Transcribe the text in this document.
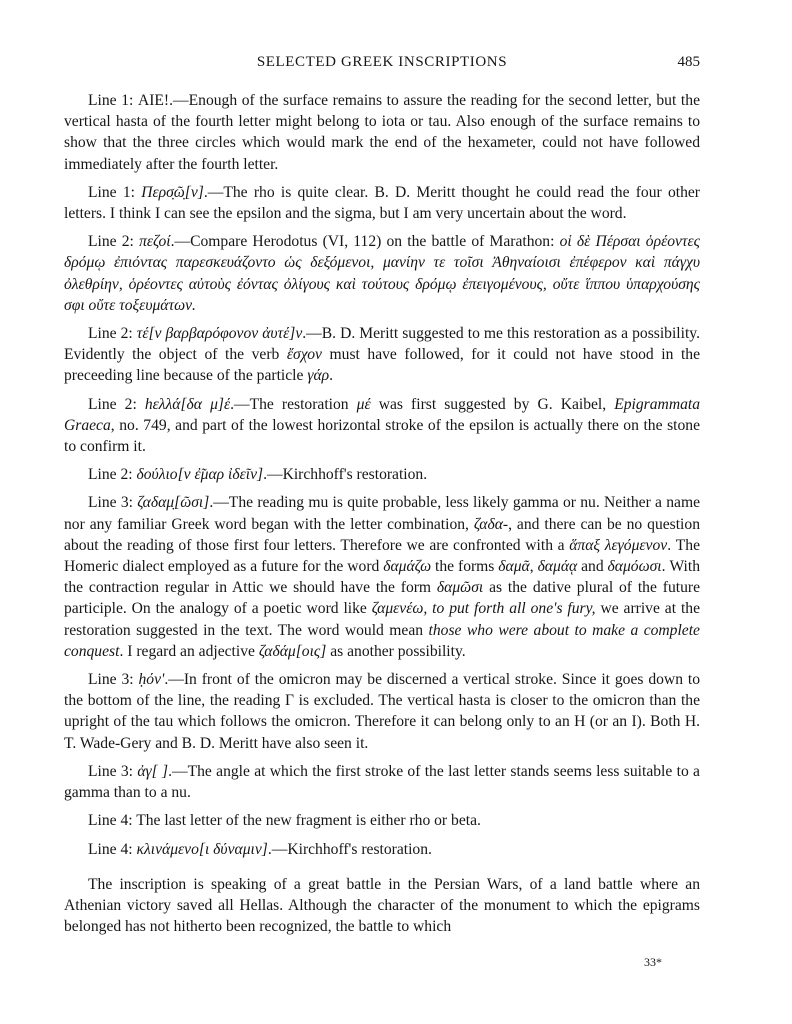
SELECTED GREEK INSCRIPTIONS	485

Line 1: ΑΙΕ!.—Enough of the surface remains to assure the reading for the second letter, but the vertical hasta of the fourth letter might belong to iota or tau. Also enough of the surface remains to show that the three circles which would mark the end of the hexameter, could not have followed immediately after the fourth letter.

Line 1: Περσ̣ῶ̣[ν].—The rho is quite clear. B. D. Meritt thought he could read the four other letters. I think I can see the epsilon and the sigma, but I am very uncertain about the word.

Line 2: πεζοί.—Compare Herodotus (VI, 112) on the battle of Marathon: οἱ δὲ Πέρσαι ὁρέοντες δρόμῳ ἐπιόντας παρεσκευάζοντο ὡς δεξόμενοι, μανίην τε τοῖσι Ἀθηναίοισι ἐπέφερον καὶ πάγχυ ὀλεθρίην, ὁρέοντες αὐτοὺς ἐόντας ὀλίγους καὶ τούτους δρόμῳ ἐπειγομένους, οὔτε ἵππου ὑπαρχούσης σφι οὔτε τοξευμάτων.

Line 2: τέ[ν βαρβαρόφονον ἀυτέ]ν.—B. D. Meritt suggested to me this restoration as a possibility. Evidently the object of the verb ἔσχον must have followed, for it could not have stood in the preceeding line because of the particle γάρ.

Line 2: hελλά[δα μ]έ.—The restoration μέ was first suggested by G. Kaibel, Epigrammata Graeca, no. 749, and part of the lowest horizontal stroke of the epsilon is actually there on the stone to confirm it.

Line 2: δούλιο[ν ἐ̃μαρ ἰδεῖν].—Kirchhoff's restoration.

Line 3: ζαδαμ̣[ῶσι].—The reading mu is quite probable, less likely gamma or nu. Neither a name nor any familiar Greek word began with the letter combination, ζαδα-, and there can be no question about the reading of those first four letters. Therefore we are confronted with a ἅπαξ λεγόμενον. The Homeric dialect employed as a future for the word δαμάζω the forms δαμᾶ, δαμάᾳ and δαμόωσι. With the contraction regular in Attic we should have the form δαμῶσι as the dative plural of the future participle. On the analogy of a poetic word like ζαμενέω, to put forth all one's fury, we arrive at the restoration suggested in the text. The word would mean those who were about to make a complete conquest. I regard an adjective ζαδάμ[οις] as another possibility.

Line 3: ḥόν'.—In front of the omicron may be discerned a vertical stroke. Since it goes down to the bottom of the line, the reading Γ is excluded. The vertical hasta is closer to the omicron than the upright of the tau which follows the omicron. Therefore it can belong only to an H (or an I). Both H. T. Wade-Gery and B. D. Meritt have also seen it.

Line 3: ἀγ[ ].—The angle at which the first stroke of the last letter stands seems less suitable to a gamma than to a nu.

Line 4: The last letter of the new fragment is either rho or beta.

Line 4: κλινάμενο[ι δύναμιν].—Kirchhoff's restoration.

The inscription is speaking of a great battle in the Persian Wars, of a land battle where an Athenian victory saved all Hellas. Although the character of the monument to which the epigrams belonged has not hitherto been recognized, the battle to which

33*
